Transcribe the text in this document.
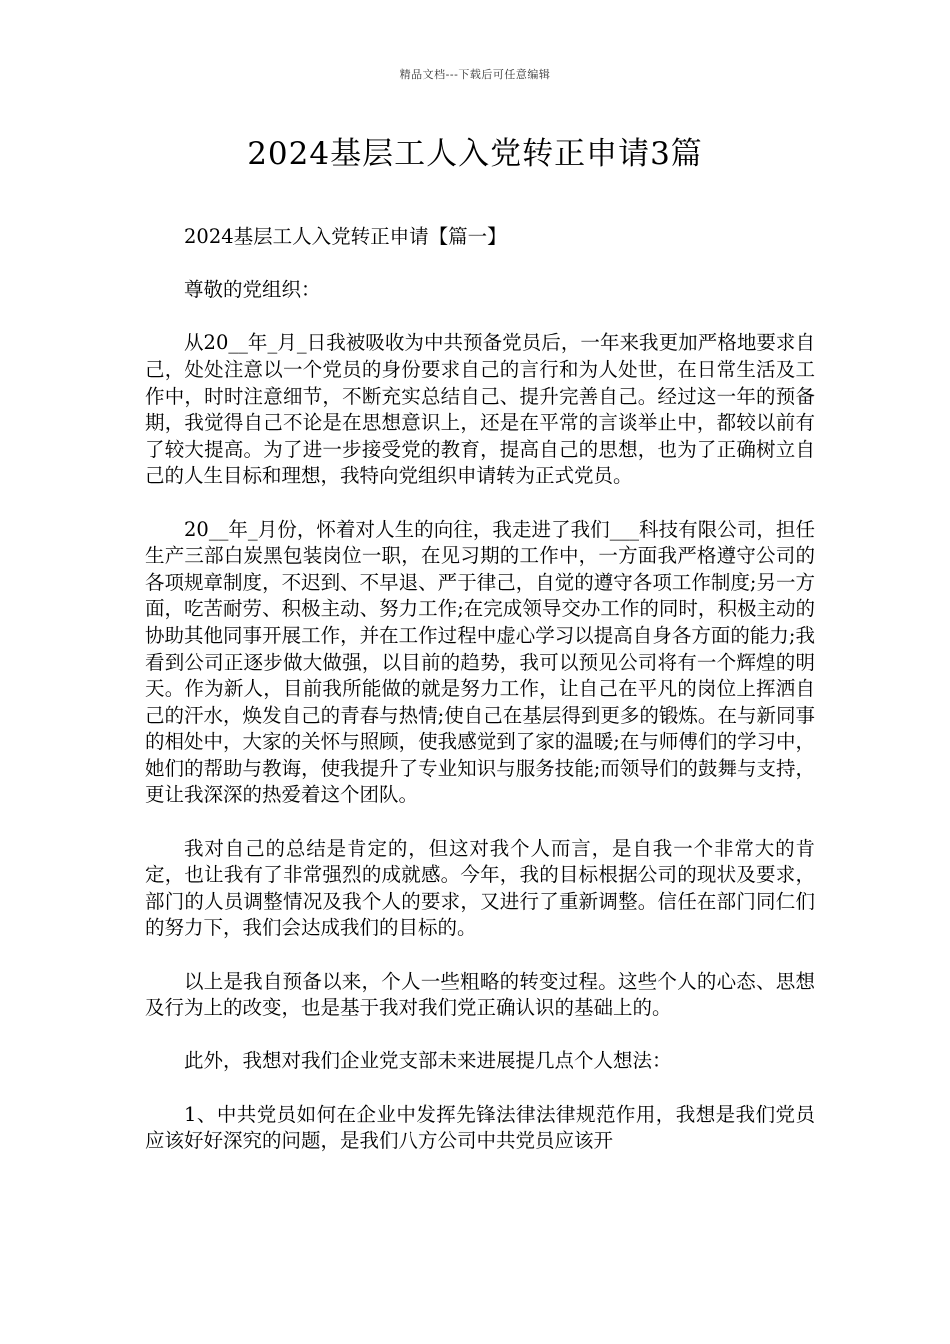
精品文档---下载后可任意编辑
2024基层工人入党转正申请3篇

2024基层工人入党转正申请【篇一】

尊敬的党组织：

从20__年_月_日我被吸收为中共预备党员后，一年来我更加严格地要求自己，处处注意以一个党员的身份要求自己的言行和为人处世，在日常生活及工作中，时时注意细节，不断充实总结自己、提升完善自己。经过这一年的预备期，我觉得自己不论是在思想意识上，还是在平常的言谈举止中，都较以前有了较大提高。为了进一步接受党的教育，提高自己的思想，也为了正确树立自己的人生目标和理想，我特向党组织申请转为正式党员。

20__年_月份，怀着对人生的向往，我走进了我们___科技有限公司，担任生产三部白炭黑包装岗位一职，在见习期的工作中，一方面我严格遵守公司的各项规章制度，不迟到、不早退、严于律己，自觉的遵守各项工作制度;另一方面，吃苦耐劳、积极主动、努力工作;在完成领导交办工作的同时，积极主动的协助其他同事开展工作，并在工作过程中虚心学习以提高自身各方面的能力;我看到公司正逐步做大做强，以目前的趋势，我可以预见公司将有一个辉煌的明天。作为新人，目前我所能做的就是努力工作，让自己在平凡的岗位上挥洒自己的汗水，焕发自己的青春与热情;使自己在基层得到更多的锻炼。在与新同事的相处中，大家的关怀与照顾，使我感觉到了家的温暖;在与师傅们的学习中，她们的帮助与教诲，使我提升了专业知识与服务技能;而领导们的鼓舞与支持，更让我深深的热爱着这个团队。

我对自己的总结是肯定的，但这对我个人而言，是自我一个非常大的肯定，也让我有了非常强烈的成就感。今年，我的目标根据公司的现状及要求，部门的人员调整情况及我个人的要求，又进行了重新调整。信任在部门同仁们的努力下，我们会达成我们的目标的。

以上是我自预备以来，个人一些粗略的转变过程。这些个人的心态、思想及行为上的改变，也是基于我对我们党正确认识的基础上的。

此外，我想对我们企业党支部未来进展提几点个人想法：

1、中共党员如何在企业中发挥先锋法律法律规范作用，我想是我们党员应该好好深究的问题，是我们八方公司中共党员应该开
